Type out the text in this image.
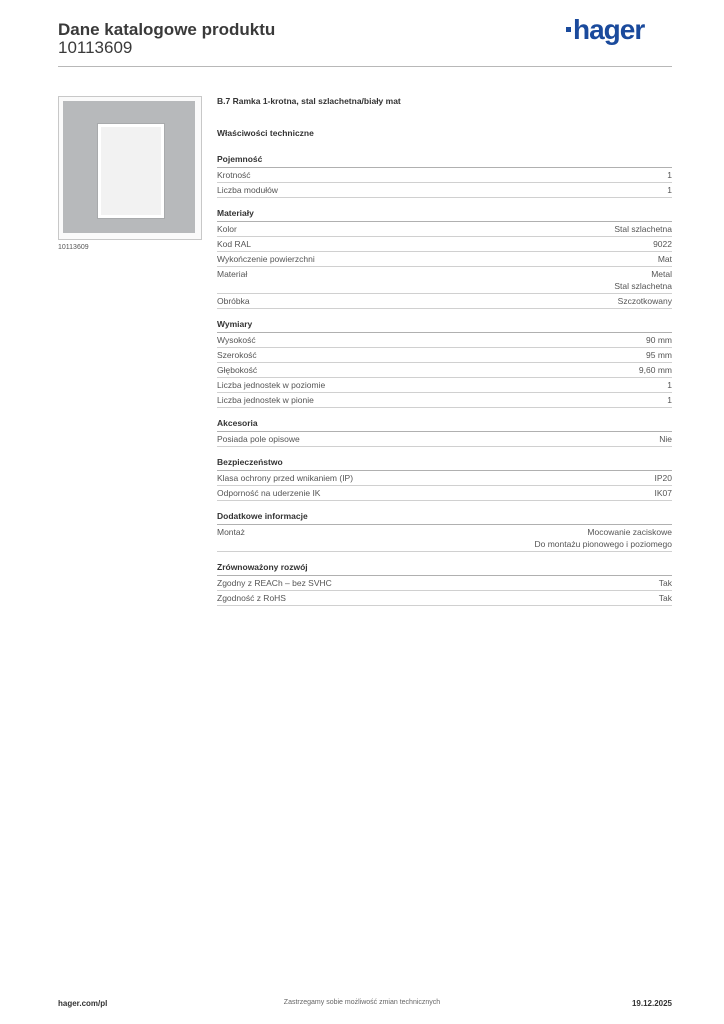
Dane katalogowe produktu
10113609
hager
10113609
B.7 Ramka 1-krotna, stal szlachetna/biały mat
Właściwości techniczne
Pojemność
Krotność	1
Liczba modułów	1
Materiały
Kolor	Stal szlachetna
Kod RAL	9022
Wykończenie powierzchni	Mat
Materiał	Metal
Stal szlachetna
Obróbka	Szczotkowany
Wymiary
Wysokość	90 mm
Szerokość	95 mm
Głębokość	9,60 mm
Liczba jednostek w poziomie	1
Liczba jednostek w pionie	1
Akcesoria
Posiada pole opisowe	Nie
Bezpieczeństwo
Klasa ochrony przed wnikaniem (IP)	IP20
Odporność na uderzenie IK	IK07
Dodatkowe informacje
Montaż	Mocowanie zaciskowe
Do montażu pionowego i poziomego
Zrównoważony rozwój
Zgodny z REACh – bez SVHC	Tak
Zgodność z RoHS	Tak
hager.com/pl	Zastrzegamy sobie możliwość zmian technicznych	19.12.2025
